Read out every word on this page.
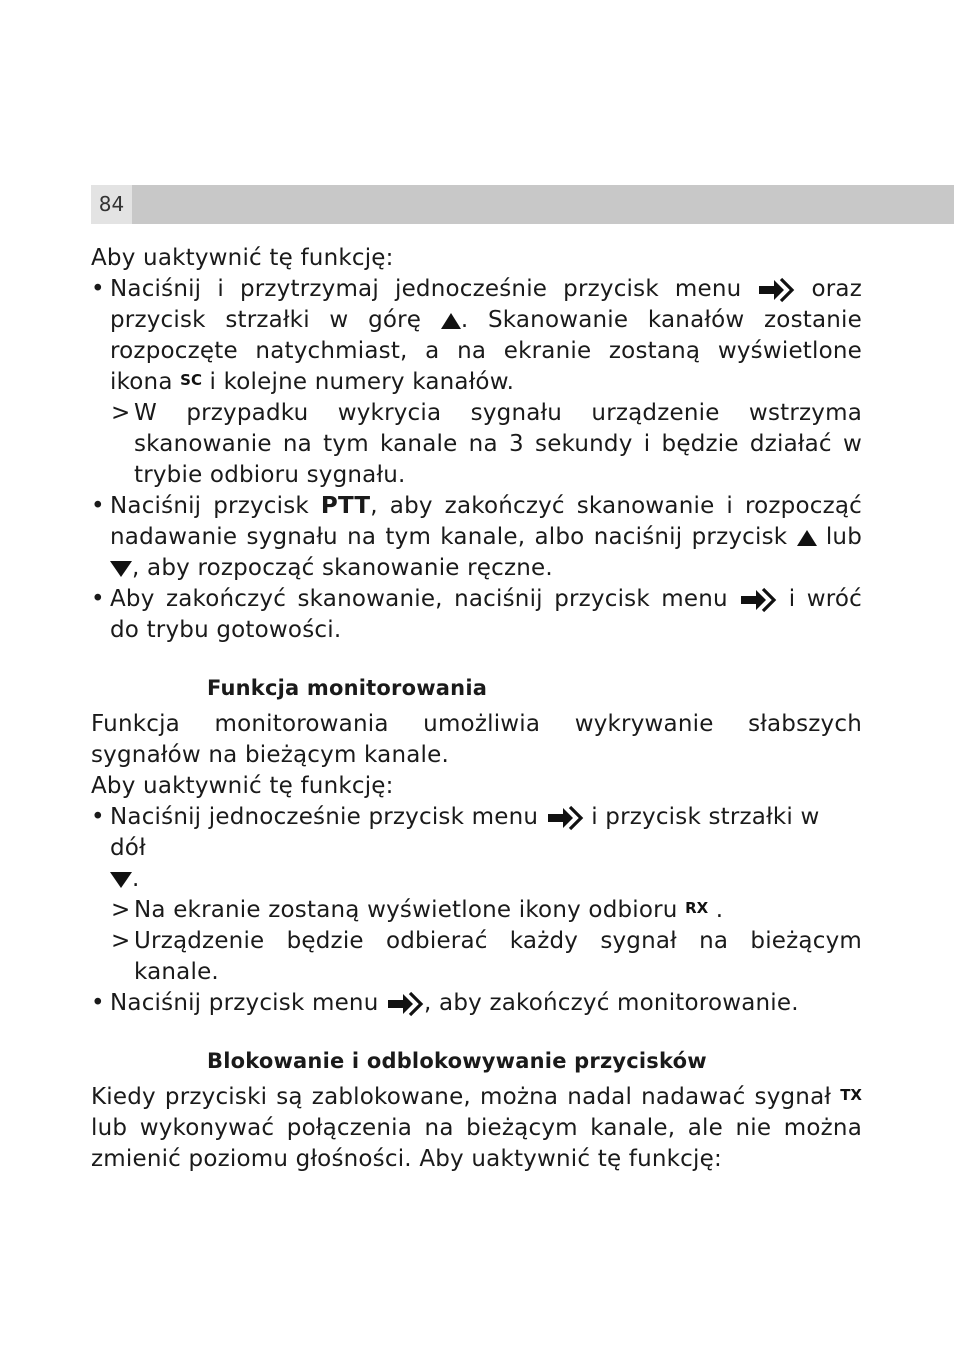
84

Aby uaktywnić tę funkcję:

• Naciśnij i przytrzymaj jednocześnie przycisk menu	oraz przycisk strzałki w górę . Skanowanie kanałów zostanie rozpoczęte natychmiast, a na ekranie zostaną wyświetlone ikona SC i kolejne numery kanałów.
> W przypadku wykrycia sygnału urządzenie wstrzyma skanowanie na tym kanale na 3 sekundy i będzie działać w trybie odbioru sygnału.
• Naciśnij przycisk PTT, aby zakończyć skanowanie i rozpocząć nadawanie sygnału na tym kanale, albo naciśnij przycisk lub , aby rozpocząć skanowanie ręczne.
• Aby zakończyć skanowanie, naciśnij przycisk menu	i wróć do trybu gotowości.
Funkcja monitorowania

Funkcja monitorowania umożliwia wykrywanie słabszych sygnałów na bieżącym kanale.

Aby uaktywnić tę funkcję:

• Naciśnij jednocześnie przycisk menu i przycisk strzałki w dół
.
> Na ekranie zostaną wyświetlone ikony odbioru RX .
> Urządzenie będzie odbierać każdy sygnał na bieżącym kanale.
• Naciśnij przycisk menu , aby zakończyć monitorowanie.
Blokowanie i odblokowywanie przycisków

Kiedy przyciski są zablokowane, można nadal nadawać sygnał TX lub wykonywać połączenia na bieżącym kanale, ale nie można zmienić poziomu głośności. Aby uaktywnić tę funkcję:
